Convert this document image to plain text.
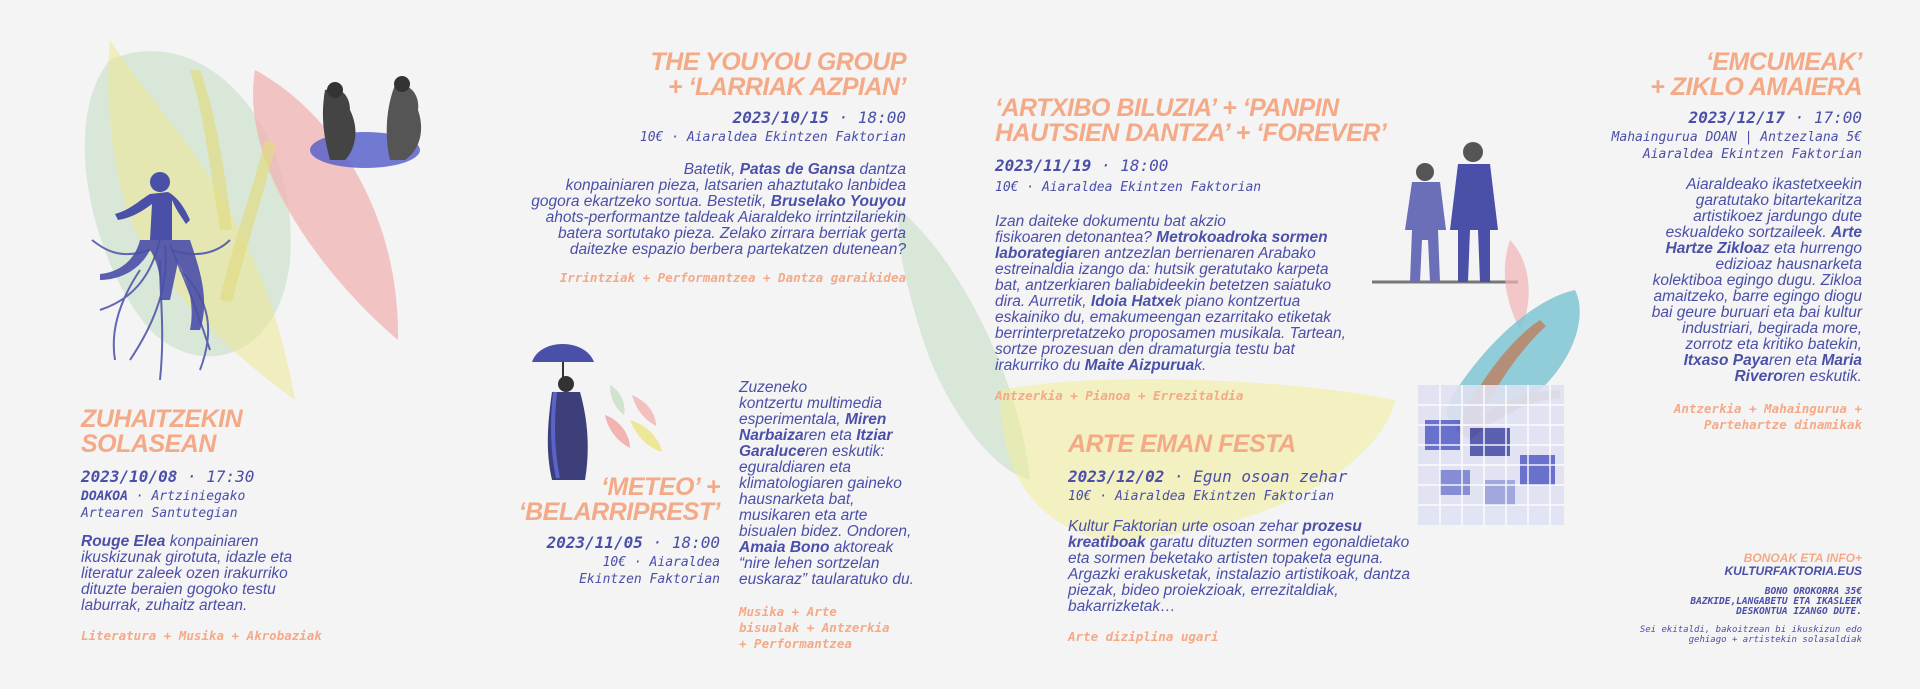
ZUHAITZEKIN
SOLASEAN
2023/10/08 · 17:30
DOAKOA · Artziniegako
Artearen Santutegian
Rouge Elea konpainiaren
ikuskizunak girotuta, idazle eta
literatur zaleek ozen irakurriko
dituzte beraien gogoko testu
laburrak, zuhaitz artean.
Literatura + Musika + Akrobaziak
THE YOUYOU GROUP
+ ‘LARRIAK AZPIAN’
2023/10/15 · 18:00
10€ · Aiaraldea Ekintzen Faktorian
Batetik, Patas de Gansa dantza
konpainiaren pieza, latsarien ahaztutako lanbidea
gogora ekartzeko sortua. Bestetik, Bruselako Youyou
ahots-performantze taldeak Aiaraldeko irrintzilariekin
batera sortutako pieza. Zelako zirrara berriak gerta
daitezke espazio berbera partekatzen dutenean?
Irrintziak + Performantzea + Dantza garaikidea
‘METEO’ +
‘BELARRIPREST’
2023/11/05 · 18:00
10€ · Aiaraldea
Ekintzen Faktorian
Zuzeneko
kontzertu multimedia
esperimentala, Miren
Narbaizaren eta Itziar
Garaluceren eskutik:
eguraldiaren eta
klimatologiaren gaineko
hausnarketa bat,
musikaren eta arte
bisualen bidez. Ondoren,
Amaia Bono aktoreak
“nire lehen sortzelan
euskaraz” taularatuko du.
Musika + Arte
bisualak + Antzerkia
+ Performantzea
‘ARTXIBO BILUZIA’ + ‘PANPIN
HAUTSIEN DANTZA’ + ‘FOREVER’
2023/11/19 · 18:00
10€ · Aiaraldea Ekintzen Faktorian
Izan daiteke dokumentu bat akzio
fisikoaren detonantea? Metrokoadroka sormen
laborategiaren antzezlan berrienaren Arabako
estreinaldia izango da: hutsik geratutako karpeta
bat, antzerkiaren baliabideekin betetzen saiatuko
dira. Aurretik, Idoia Hatxek piano kontzertua
eskainiko du, emakumeengan ezarritako etiketak
berrinterpretatzeko proposamen musikala. Tartean,
sortze prozesuan den dramaturgia testu bat
irakurriko du Maite Aizpuruak.
Antzerkia + Pianoa + Errezitaldia
ARTE EMAN FESTA
2023/12/02 · Egun osoan zehar
10€ · Aiaraldea Ekintzen Faktorian
Kultur Faktorian urte osoan zehar prozesu
kreatiboak garatu dituzten sormen egonaldietako
eta sormen beketako artisten topaketa eguna.
Argazki erakusketak, instalazio artistikoak, dantza
piezak, bideo proiekzioak, errezitaldiak,
bakarrizketak…
Arte diziplina ugari
‘EMCUMEAK’
+ ZIKLO AMAIERA
2023/12/17 · 17:00
Mahaingurua DOAN | Antzezlana 5€
Aiaraldea Ekintzen Faktorian
Aiaraldeako ikastetxeekin
garatutako bitartekaritza
artistikoez jardungo dute
eskualdeko sortzaileek. Arte
Hartze Zikloaz eta hurrengo
edizioaz hausnarketa
kolektiboa egingo dugu. Zikloa
amaitzeko, barre egingo diogu
bai geure buruari eta bai kultur
industriari, begirada more,
zorrotz eta kritiko batekin,
Itxaso Payaren eta Maria
Riveroren eskutik.
Antzerkia + Mahaingurua +
Partehartze dinamikak
BONOAK ETA INFO+
KULTURFAKTORIA.EUS
BONO OROKORRA 35€
BAZKIDE,LANGABETU ETA IKASLEEK
DESKONTUA IZANGO DUTE.
Sei ekitaldi, bakoitzean bi ikuskizun edo
gehiago + artistekin solasaldiak
